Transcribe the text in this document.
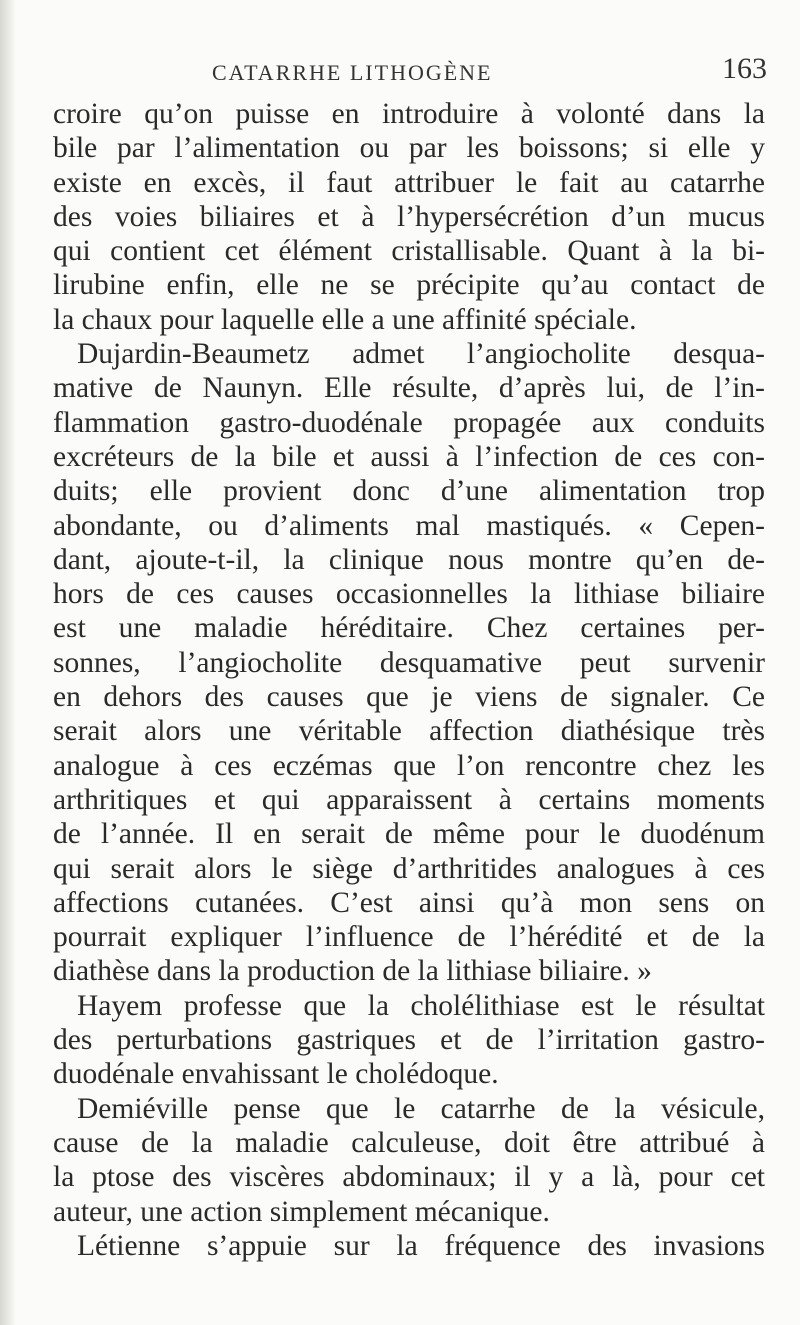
CATARRHE LITHOGÈNE	163
croire qu’on puisse en introduire à volonté dans la
bile par l’alimentation ou par les boissons; si elle y
existe en excès, il faut attribuer le fait au catarrhe
des voies biliaires et à l’hypersécrétion d’un mucus
qui contient cet élément cristallisable. Quant à la bi-
lirubine enfin, elle ne se précipite qu’au contact de
la chaux pour laquelle elle a une affinité spéciale.
Dujardin-Beaumetz admet l’angiocholite desqua-
mative de Naunyn. Elle résulte, d’après lui, de l’in-
flammation gastro-duodénale propagée aux conduits
excréteurs de la bile et aussi à l’infection de ces con-
duits; elle provient donc d’une alimentation trop
abondante, ou d’aliments mal mastiqués. « Cepen-
dant, ajoute-t-il, la clinique nous montre qu’en de-
hors de ces causes occasionnelles la lithiase biliaire
est une maladie héréditaire. Chez certaines per-
sonnes, l’angiocholite desquamative peut survenir
en dehors des causes que je viens de signaler. Ce
serait alors une véritable affection diathésique très
analogue à ces eczémas que l’on rencontre chez les
arthritiques et qui apparaissent à certains moments
de l’année. Il en serait de même pour le duodénum
qui serait alors le siège d’arthritides analogues à ces
affections cutanées. C’est ainsi qu’à mon sens on
pourrait expliquer l’influence de l’hérédité et de la
diathèse dans la production de la lithiase biliaire. »
Hayem professe que la cholélithiase est le résultat
des perturbations gastriques et de l’irritation gastro-
duodénale envahissant le cholédoque.
Demiéville pense que le catarrhe de la vésicule,
cause de la maladie calculeuse, doit être attribué à
la ptose des viscères abdominaux; il y a là, pour cet
auteur, une action simplement mécanique.
Létienne s’appuie sur la fréquence des invasions
